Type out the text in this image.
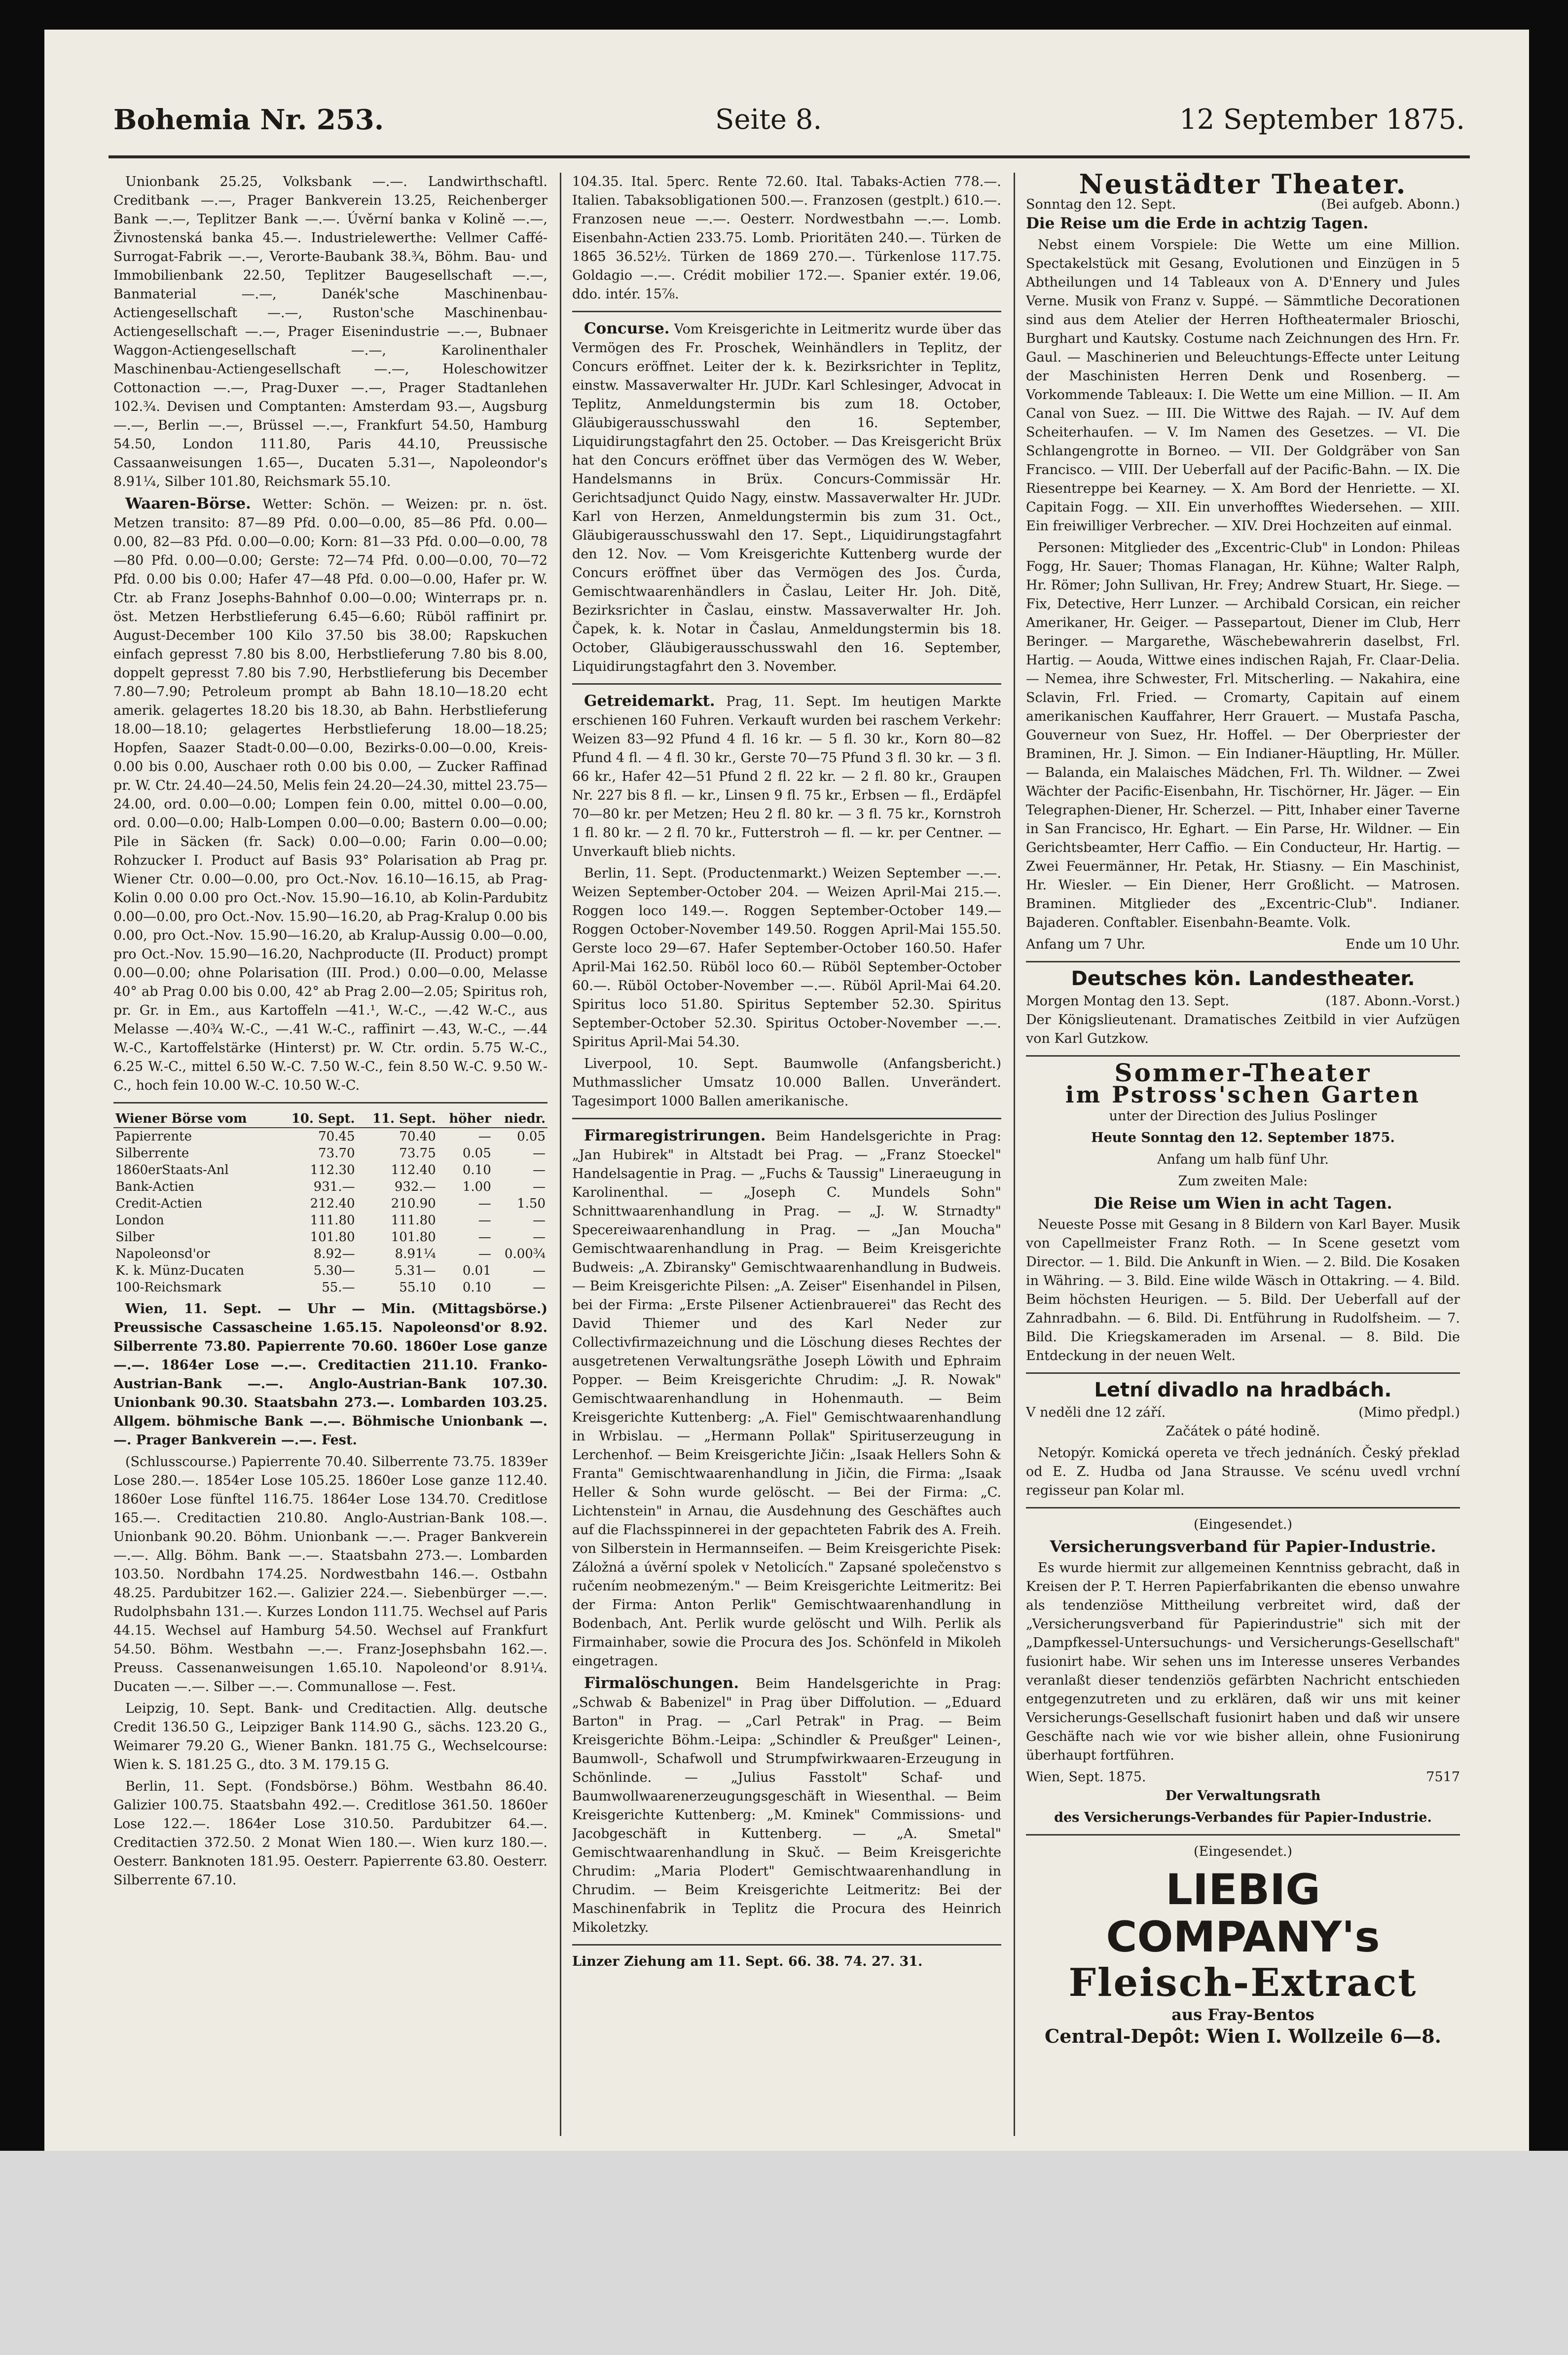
Bohemia Nr. 253.	Seite 8.	12 September 1875.

Unionbank 25.25, Volksbank —.—. Landwirthschaftl. Creditbank —.—, Prager Bankverein 13.25, Reichenberger Bank —.—, Teplitzer Bank —.—. Úvěrní banka v Kolině —.—, Živnostenská banka 45.—. Industrielewerthe: Vellmer Caffé-Surrogat-Fabrik —.—, Verorte-Baubank 38.¾, Böhm. Bau- und Immobilienbank 22.50, Teplitzer Baugesellschaft —.—, Banmaterial —.—, Danék'sche Maschinenbau-Actiengesellschaft —.—, Ruston'sche Maschinenbau-Actiengesellschaft —.—, Prager Eisenindustrie —.—, Bubnaer Waggon-Actiengesellschaft —.—, Karolinenthaler Maschinenbau-Actiengesellschaft —.—, Holeschowitzer Cottonaction —.—, Prag-Duxer —.—, Prager Stadtanlehen 102.¾. Devisen und Comptanten: Amsterdam 93.—, Augsburg —.—, Berlin —.—, Brüssel —.—, Frankfurt 54.50, Hamburg 54.50, London 111.80, Paris 44.10, Preussische Cassaanweisungen 1.65—, Ducaten 5.31—, Napoleondor's 8.91¼, Silber 101.80, Reichsmark 55.10.

Waaren-Börse. Wetter: Schön. — Weizen: pr. n. öst. Metzen transito: 87—89 Pfd. 0.00—0.00, 85—86 Pfd. 0.00—0.00, 82—83 Pfd. 0.00—0.00; Korn: 81—33 Pfd. 0.00—0.00, 78—80 Pfd. 0.00—0.00; Gerste: 72—74 Pfd. 0.00—0.00, 70—72 Pfd. 0.00 bis 0.00; Hafer 47—48 Pfd. 0.00—0.00, Hafer pr. W. Ctr. ab Franz Josephs-Bahnhof 0.00—0.00; Winterraps pr. n. öst. Metzen Herbstlieferung 6.45—6.60; Rüböl raffinirt pr. August-December 100 Kilo 37.50 bis 38.00; Rapskuchen einfach gepresst 7.80 bis 8.00, Herbstlieferung 7.80 bis 8.00, doppelt gepresst 7.80 bis 7.90, Herbstlieferung bis December 7.80—7.90; Petroleum prompt ab Bahn 18.10—18.20 echt amerik. gelagertes 18.20 bis 18.30, ab Bahn. Herbstlieferung 18.00—18.10; gelagertes Herbstlieferung 18.00—18.25; Hopfen, Saazer Stadt-0.00—0.00, Bezirks-0.00—0.00, Kreis-0.00 bis 0.00, Auschaer roth 0.00 bis 0.00, — Zucker Raffinad pr. W. Ctr. 24.40—24.50, Melis fein 24.20—24.30, mittel 23.75—24.00, ord. 0.00—0.00; Lompen fein 0.00, mittel 0.00—0.00, ord. 0.00—0.00; Halb-Lompen 0.00—0.00; Bastern 0.00—0.00; Pile in Säcken (fr. Sack) 0.00—0.00; Farin 0.00—0.00; Rohzucker I. Product auf Basis 93° Polarisation ab Prag pr. Wiener Ctr. 0.00—0.00, pro Oct.-Nov. 16.10—16.15, ab Prag-Kolin 0.00 0.00 pro Oct.-Nov. 15.90—16.10, ab Kolin-Pardubitz 0.00—0.00, pro Oct.-Nov. 15.90—16.20, ab Prag-Kralup 0.00 bis 0.00, pro Oct.-Nov. 15.90—16.20, ab Kralup-Aussig 0.00—0.00, pro Oct.-Nov. 15.90—16.20, Nachproducte (II. Product) prompt 0.00—0.00; ohne Polarisation (III. Prod.) 0.00—0.00, Melasse 40° ab Prag 0.00 bis 0.00, 42° ab Prag 2.00—2.05; Spiritus roh, pr. Gr. in Em., aus Kartoffeln —41.¹, W.-C., —.42 W.-C., aus Melasse —.40¾ W.-C., —.41 W.-C., raffinirt —.43, W.-C., —.44 W.-C., Kartoffelstärke (Hinterst) pr. W. Ctr. ordin. 5.75 W.-C., 6.25 W.-C., mittel 6.50 W.-C. 7.50 W.-C., fein 8.50 W.-C. 9.50 W.-C., hoch fein 10.00 W.-C. 10.50 W.-C.

Wiener Börse vom	10. Sept.	11. Sept.	höher	niedr.
Papierrente	70.45	70.40	—	0.05
Silberrente	73.70	73.75	0.05	—
1860erStaats-Anl	112.30	112.40	0.10	—
Bank-Actien	931.—	932.—	1.00	—
Credit-Actien	212.40	210.90	—	1.50
London	111.80	111.80	—	—
Silber	101.80	101.80	—	—
Napoleonsd'or	8.92—	8.91¼	—	0.00¾
K. k. Münz-Ducaten	5.30—	5.31—	0.01	—
100-Reichsmark	55.—	55.10	0.10	—

Wien, 11. Sept. — Uhr — Min. (Mittagsbörse.) Preussische Cassascheine 1.65.15. Napoleonsd'or 8.92. Silberrente 73.80. Papierrente 70.60. 1860er Lose ganze —.—. 1864er Lose —.—. Creditactien 211.10. Franko-Austrian-Bank —.—. Anglo-Austrian-Bank 107.30. Unionbank 90.30. Staatsbahn 273.—. Lombarden 103.25. Allgem. böhmische Bank —.—. Böhmische Unionbank —.—. Prager Bankverein —.—. Fest.

(Schlusscourse.) Papierrente 70.40. Silberrente 73.75. 1839er Lose 280.—. 1854er Lose 105.25. 1860er Lose ganze 112.40. 1860er Lose fünftel 116.75. 1864er Lose 134.70. Creditlose 165.—. Creditactien 210.80. Anglo-Austrian-Bank 108.—. Unionbank 90.20. Böhm. Unionbank —.—. Prager Bankverein —.—. Allg. Böhm. Bank —.—. Staatsbahn 273.—. Lombarden 103.50. Nordbahn 174.25. Nordwestbahn 146.—. Ostbahn 48.25. Pardubitzer 162.—. Galizier 224.—. Siebenbürger —.—. Rudolphsbahn 131.—. Kurzes London 111.75. Wechsel auf Paris 44.15. Wechsel auf Hamburg 54.50. Wechsel auf Frankfurt 54.50. Böhm. Westbahn —.—. Franz-Josephsbahn 162.—. Preuss. Cassenanweisungen 1.65.10. Napoleond'or 8.91¼. Ducaten —.—. Silber —.—. Communallose —. Fest.

Leipzig, 10. Sept. Bank- und Creditactien. Allg. deutsche Credit 136.50 G., Leipziger Bank 114.90 G., sächs. 123.20 G., Weimarer 79.20 G., Wiener Bankn. 181.75 G., Wechselcourse: Wien k. S. 181.25 G., dto. 3 M. 179.15 G.

Berlin, 11. Sept. (Fondsbörse.) Böhm. Westbahn 86.40. Galizier 100.75. Staatsbahn 492.—. Creditlose 361.50. 1860er Lose 122.—. 1864er Lose 310.50. Pardubitzer 64.—. Creditactien 372.50. 2 Monat Wien 180.—. Wien kurz 180.—. Oesterr. Banknoten 181.95. Oesterr. Papierrente 63.80. Oesterr. Silberrente 67.10.

104.35. Ital. 5perc. Rente 72.60. Ital. Tabaks-Actien 778.—. Italien. Tabaksobligationen 500.—. Franzosen (gestplt.) 610.—. Franzosen neue —.—. Oesterr. Nordwestbahn —.—. Lomb. Eisenbahn-Actien 233.75. Lomb. Prioritäten 240.—. Türken de 1865 36.52½. Türken de 1869 270.—. Türkenlose 117.75. Goldagio —.—. Crédit mobilier 172.—. Spanier extér. 19.06, ddo. intér. 15⅞.

Concurse. Vom Kreisgerichte in Leitmeritz wurde über das Vermögen des Fr. Proschek, Weinhändlers in Teplitz, der Concurs eröffnet. Leiter der k. k. Bezirksrichter in Teplitz, einstw. Massaverwalter Hr. JUDr. Karl Schlesinger, Advocat in Teplitz, Anmeldungstermin bis zum 18. October, Gläubigerausschusswahl den 16. September, Liquidirungstagfahrt den 25. October. — Das Kreisgericht Brüx hat den Concurs eröffnet über das Vermögen des W. Weber, Handelsmanns in Brüx. Concurs-Commissär Hr. Gerichtsadjunct Quido Nagy, einstw. Massaverwalter Hr. JUDr. Karl von Herzen, Anmeldungstermin bis zum 31. Oct., Gläubigerausschusswahl den 17. Sept., Liquidirungstagfahrt den 12. Nov. — Vom Kreisgerichte Kuttenberg wurde der Concurs eröffnet über das Vermögen des Jos. Čurda, Gemischtwaarenhändlers in Časlau, Leiter Hr. Joh. Ditě, Bezirksrichter in Časlau, einstw. Massaverwalter Hr. Joh. Čapek, k. k. Notar in Časlau, Anmeldungstermin bis 18. October, Gläubigerausschusswahl den 16. September, Liquidirungstagfahrt den 3. November.

Getreidemarkt. Prag, 11. Sept. Im heutigen Markte erschienen 160 Fuhren. Verkauft wurden bei raschem Verkehr: Weizen 83—92 Pfund 4 fl. 16 kr. — 5 fl. 30 kr., Korn 80—82 Pfund 4 fl. — 4 fl. 30 kr., Gerste 70—75 Pfund 3 fl. 30 kr. — 3 fl. 66 kr., Hafer 42—51 Pfund 2 fl. 22 kr. — 2 fl. 80 kr., Graupen Nr. 227 bis 8 fl. — kr., Linsen 9 fl. 75 kr., Erbsen — fl., Erdäpfel 70—80 kr. per Metzen; Heu 2 fl. 80 kr. — 3 fl. 75 kr., Kornstroh 1 fl. 80 kr. — 2 fl. 70 kr., Futterstroh — fl. — kr. per Centner. — Unverkauft blieb nichts.

Berlin, 11. Sept. (Productenmarkt.) Weizen September —.—. Weizen September-October 204. — Weizen April-Mai 215.—. Roggen loco 149.—. Roggen September-October 149.— Roggen October-November 149.50. Roggen April-Mai 155.50. Gerste loco 29—67. Hafer September-October 160.50. Hafer April-Mai 162.50. Rüböl loco 60.— Rüböl September-October 60.—. Rüböl October-November —.—. Rüböl April-Mai 64.20. Spiritus loco 51.80. Spiritus September 52.30. Spiritus September-October 52.30. Spiritus October-November —.—. Spiritus April-Mai 54.30.

Liverpool, 10. Sept. Baumwolle (Anfangsbericht.) Muthmasslicher Umsatz 10.000 Ballen. Unverändert. Tagesimport 1000 Ballen amerikanische.

Firmaregistrirungen. Beim Handelsgerichte in Prag: „Jan Hubirek" in Altstadt bei Prag. — „Franz Stoeckel" Handelsagentie in Prag. — „Fuchs & Taussig" Lineraeugung in Karolinenthal. — „Joseph C. Mundels Sohn" Schnittwaarenhandlung in Prag. — „J. W. Strnadty" Specereiwaarenhandlung in Prag. — „Jan Moucha" Gemischtwaarenhandlung in Prag. — Beim Kreisgerichte Budweis: „A. Zbiransky" Gemischtwaarenhandlung in Budweis. — Beim Kreisgerichte Pilsen: „A. Zeiser" Eisenhandel in Pilsen, bei der Firma: „Erste Pilsener Actienbrauerei" das Recht des David Thiemer und des Karl Neder zur Collectivfirmazeichnung und die Löschung dieses Rechtes der ausgetretenen Verwaltungsräthe Joseph Löwith und Ephraim Popper. — Beim Kreisgerichte Chrudim: „J. R. Nowak" Gemischtwaarenhandlung in Hohenmauth. — Beim Kreisgerichte Kuttenberg: „A. Fiel" Gemischtwaarenhandlung in Wrbislau. — „Hermann Pollak" Spirituserzeugung in Lerchenhof. — Beim Kreisgerichte Jičin: „Isaak Hellers Sohn & Franta" Gemischtwaarenhandlung in Jičin, die Firma: „Isaak Heller & Sohn wurde gelöscht. — Bei der Firma: „C. Lichtenstein" in Arnau, die Ausdehnung des Geschäftes auch auf die Flachsspinnerei in der gepachteten Fabrik des A. Freih. von Silberstein in Hermannseifen. — Beim Kreisgerichte Pisek: Záložná a úvěrní spolek v Netolicích." Zapsané společenstvo s ručením neobmezeným." — Beim Kreisgerichte Leitmeritz: Bei der Firma: Anton Perlik" Gemischtwaarenhandlung in Bodenbach, Ant. Perlik wurde gelöscht und Wilh. Perlik als Firmainhaber, sowie die Procura des Jos. Schönfeld in Mikoleh eingetragen.

Firmalöschungen. Beim Handelsgerichte in Prag: „Schwab & Babenizel" in Prag über Diffolution. — „Eduard Barton" in Prag. — „Carl Petrak" in Prag. — Beim Kreisgerichte Böhm.-Leipa: „Schindler & Preußger" Leinen-, Baumwoll-, Schafwoll und Strumpfwirkwaaren-Erzeugung in Schönlinde. — „Julius Fasstolt" Schaf- und Baumwollwaarenerzeugungsgeschäft in Wiesenthal. — Beim Kreisgerichte Kuttenberg: „M. Kminek" Commissions- und Jacobgeschäft in Kuttenberg. — „A. Smetal" Gemischtwaarenhandlung in Skuč. — Beim Kreisgerichte Chrudim: „Maria Plodert" Gemischtwaarenhandlung in Chrudim. — Beim Kreisgerichte Leitmeritz: Bei der Maschinenfabrik in Teplitz die Procura des Heinrich Mikoletzky.

Linzer Ziehung am 11. Sept. 66. 38. 74. 27. 31.

Neustädter Theater.

Sonntag den 12. Sept.	(Bei aufgeb. Abonn.)

Die Reise um die Erde in achtzig Tagen.

Nebst einem Vorspiele: Die Wette um eine Million. Spectakelstück mit Gesang, Evolutionen und Einzügen in 5 Abtheilungen und 14 Tableaux von A. D'Ennery und Jules Verne. Musik von Franz v. Suppé. — Sämmtliche Decorationen sind aus dem Atelier der Herren Hoftheatermaler Brioschi, Burghart und Kautsky. Costume nach Zeichnungen des Hrn. Fr. Gaul. — Maschinerien und Beleuchtungs-Effecte unter Leitung der Maschinisten Herren Denk und Rosenberg. — Vorkommende Tableaux: I. Die Wette um eine Million. — II. Am Canal von Suez. — III. Die Wittwe des Rajah. — IV. Auf dem Scheiterhaufen. — V. Im Namen des Gesetzes. — VI. Die Schlangengrotte in Borneo. — VII. Der Goldgräber von San Francisco. — VIII. Der Ueberfall auf der Pacific-Bahn. — IX. Die Riesentreppe bei Kearney. — X. Am Bord der Henriette. — XI. Capitain Fogg. — XII. Ein unverhofftes Wiedersehen. — XIII. Ein freiwilliger Verbrecher. — XIV. Drei Hochzeiten auf einmal.

Personen: Mitglieder des „Excentric-Club" in London: Phileas Fogg, Hr. Sauer; Thomas Flanagan, Hr. Kühne; Walter Ralph, Hr. Römer; John Sullivan, Hr. Frey; Andrew Stuart, Hr. Siege. — Fix, Detective, Herr Lunzer. — Archibald Corsican, ein reicher Amerikaner, Hr. Geiger. — Passepartout, Diener im Club, Herr Beringer. — Margarethe, Wäschebewahrerin daselbst, Frl. Hartig. — Aouda, Wittwe eines indischen Rajah, Fr. Claar-Delia. — Nemea, ihre Schwester, Frl. Mitscherling. — Nakahira, eine Sclavin, Frl. Fried. — Cromarty, Capitain auf einem amerikanischen Kauffahrer, Herr Grauert. — Mustafa Pascha, Gouverneur von Suez, Hr. Hoffel. — Der Oberpriester der Braminen, Hr. J. Simon. — Ein Indianer-Häuptling, Hr. Müller. — Balanda, ein Malaisches Mädchen, Frl. Th. Wildner. — Zwei Wächter der Pacific-Eisenbahn, Hr. Tischörner, Hr. Jäger. — Ein Telegraphen-Diener, Hr. Scherzel. — Pitt, Inhaber einer Taverne in San Francisco, Hr. Eghart. — Ein Parse, Hr. Wildner. — Ein Gerichtsbeamter, Herr Caffio. — Ein Conducteur, Hr. Hartig. — Zwei Feuermänner, Hr. Petak, Hr. Stiasny. — Ein Maschinist, Hr. Wiesler. — Ein Diener, Herr Großlicht. — Matrosen. Braminen. Mitglieder des „Excentric-Club". Indianer. Bajaderen. Conftabler. Eisenbahn-Beamte. Volk.

Anfang um 7 Uhr.	Ende um 10 Uhr.

Deutsches kön. Landestheater.

Morgen Montag den 13. Sept.	(187. Abonn.-Vorst.)

Der Königslieutenant. Dramatisches Zeitbild in vier Aufzügen von Karl Gutzkow.

Sommer-Theater

im Pstross'schen Garten

unter der Direction des Julius Poslinger

Heute Sonntag den 12. September 1875.

Anfang um halb fünf Uhr.

Zum zweiten Male:

Die Reise um Wien in acht Tagen.

Neueste Posse mit Gesang in 8 Bildern von Karl Bayer. Musik von Capellmeister Franz Roth. — In Scene gesetzt vom Director. — 1. Bild. Die Ankunft in Wien. — 2. Bild. Die Kosaken in Währing. — 3. Bild. Eine wilde Wäsch in Ottakring. — 4. Bild. Beim höchsten Heurigen. — 5. Bild. Der Ueberfall auf der Zahnradbahn. — 6. Bild. Di. Entführung in Rudolfsheim. — 7. Bild. Die Kriegskameraden im Arsenal. — 8. Bild. Die Entdeckung in der neuen Welt.

Letní divadlo na hradbách.

V neděli dne 12 září.	(Mimo předpl.)

Začátek o páté hodině.

Netopýr. Komická opereta ve třech jednáních. Český překlad od E. Z. Hudba od Jana Strausse. Ve scénu uvedl vrchní regisseur pan Kolar ml.

(Eingesendet.)

Versicherungsverband für Papier-Industrie.

Es wurde hiermit zur allgemeinen Kenntniss gebracht, daß in Kreisen der P. T. Herren Papierfabrikanten die ebenso unwahre als tendenziöse Mittheilung verbreitet wird, daß der „Versicherungsverband für Papierindustrie" sich mit der „Dampfkessel-Untersuchungs- und Versicherungs-Gesellschaft" fusionirt habe. Wir sehen uns im Interesse unseres Verbandes veranlaßt dieser tendenziös gefärbten Nachricht entschieden entgegenzutreten und zu erklären, daß wir uns mit keiner Versicherungs-Gesellschaft fusionirt haben und daß wir unsere Geschäfte nach wie vor wie bisher allein, ohne Fusionirung überhaupt fortführen.

Wien, Sept. 1875.	7517

Der Verwaltungsrath

des Versicherungs-Verbandes für Papier-Industrie.

(Eingesendet.)

LIEBIG COMPANY's

Fleisch-Extract

aus Fray-Bentos

Central-Depôt: Wien I. Wollzeile 6—8.
